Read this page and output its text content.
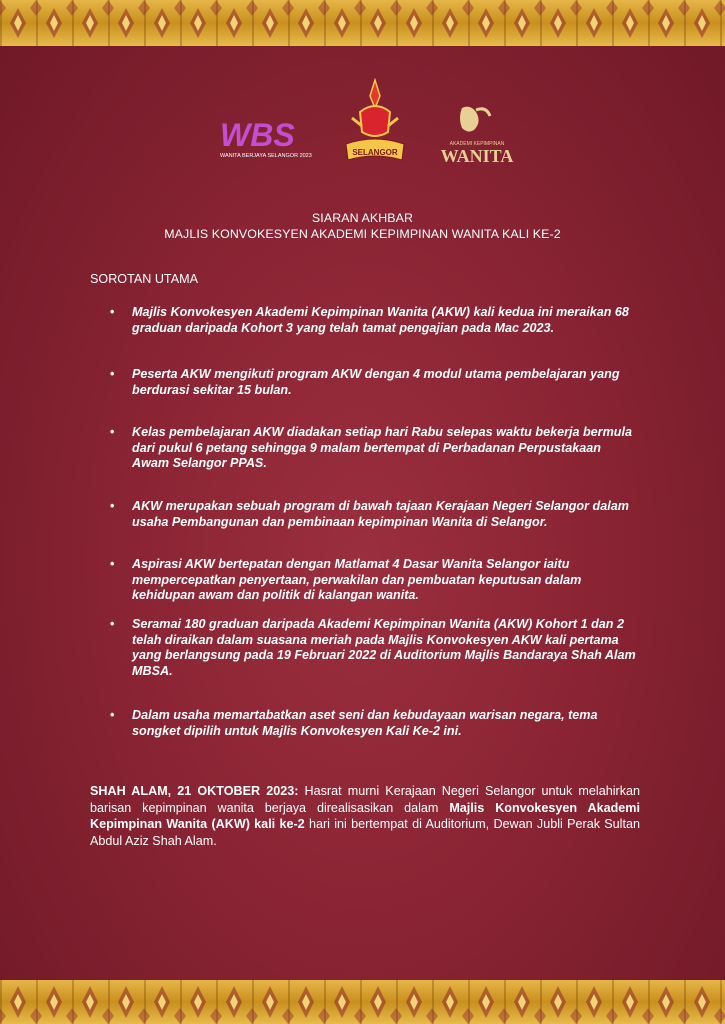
WBS
WANITA BERJAYA SELANGOR 2023	SELANGOR
AKADEMI KEPIMPINAN
WANITA
SIARAN AKHBAR
MAJLIS KONVOKESYEN AKADEMI KEPIMPINAN WANITA KALI KE-2
SOROTAN UTAMA
•	Majlis Konvokesyen Akademi Kepimpinan Wanita (AKW) kali kedua ini meraikan 68 graduan daripada Kohort 3 yang telah tamat pengajian pada Mac 2023.
•	Peserta AKW mengikuti program AKW dengan 4 modul utama pembelajaran yang berdurasi sekitar 15 bulan.
•	Kelas pembelajaran AKW diadakan setiap hari Rabu selepas waktu bekerja bermula dari pukul 6 petang sehingga 9 malam bertempat di Perbadanan Perpustakaan Awam Selangor PPAS.
•	AKW merupakan sebuah program di bawah tajaan Kerajaan Negeri Selangor dalam usaha Pembangunan dan pembinaan kepimpinan Wanita di Selangor.
•	Aspirasi AKW bertepatan dengan Matlamat 4 Dasar Wanita Selangor iaitu mempercepatkan penyertaan, perwakilan dan pembuatan keputusan dalam kehidupan awam dan politik di kalangan wanita.
•	Seramai 180 graduan daripada Akademi Kepimpinan Wanita (AKW) Kohort 1 dan 2 telah diraikan dalam suasana meriah pada Majlis Konvokesyen AKW kali pertama yang berlangsung pada 19 Februari 2022 di Auditorium Majlis Bandaraya Shah Alam MBSA.
•	Dalam usaha memartabatkan aset seni dan kebudayaan warisan negara, tema songket dipilih untuk Majlis Konvokesyen Kali Ke-2 ini.
SHAH ALAM, 21 OKTOBER 2023: Hasrat murni Kerajaan Negeri Selangor untuk melahirkan barisan kepimpinan wanita berjaya direalisasikan dalam Majlis Konvokesyen Akademi Kepimpinan Wanita (AKW) kali ke-2 hari ini bertempat di Auditorium, Dewan Jubli Perak Sultan Abdul Aziz Shah Alam.
